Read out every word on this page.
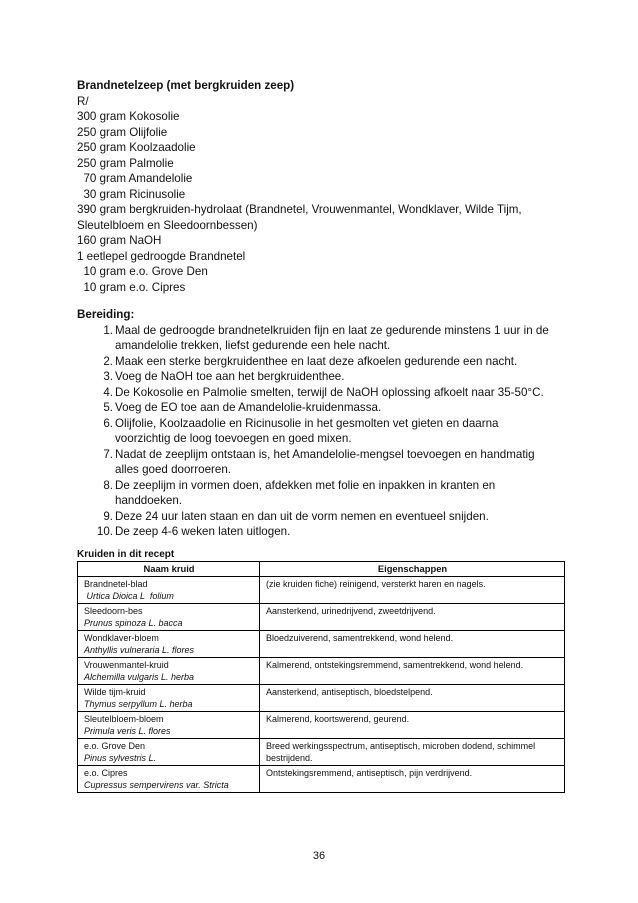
Brandnetelzeep (met bergkruiden zeep)
R/
300 gram Kokosolie
250 gram Olijfolie
250 gram Koolzaadolie
250 gram Palmolie
70 gram Amandelolie
30 gram Ricinusolie
390 gram bergkruiden-hydrolaat (Brandnetel, Vrouwenmantel, Wondklaver, Wilde Tijm,
Sleutelbloem en Sleedoornbessen)
160 gram NaOH
1 eetlepel gedroogde Brandnetel
10 gram e.o. Grove Den
10 gram e.o. Cipres
Bereiding:
1. Maal de gedroogde brandnetelkruiden fijn en laat ze gedurende minstens 1 uur in de
amandelolie trekken, liefst gedurende een hele nacht.
2. Maak een sterke bergkruidenthee en laat deze afkoelen gedurende een nacht.
3. Voeg de NaOH toe aan het bergkruidenthee.
4. De Kokosolie en Palmolie smelten, terwijl de NaOH oplossing afkoelt naar 35-50°C.
5. Voeg de EO toe aan de Amandelolie-kruidenmassa.
6. Olijfolie, Koolzaadolie en Ricinusolie in het gesmolten vet gieten en daarna
voorzichtig de loog toevoegen en goed mixen.
7. Nadat de zeeplijm ontstaan is, het Amandelolie-mengsel toevoegen en handmatig
alles goed doorroeren.
8. De zeeplijm in vormen doen, afdekken met folie en inpakken in kranten en
handdoeken.
9. Deze 24 uur laten staan en dan uit de vorm nemen en eventueel snijden.
10. De zeep 4-6 weken laten uitlogen.
Kruiden in dit recept
Naam kruid	Eigenschappen

Brandnetel-blad
Urtica Dioica L  folium	(zie kruiden fiche) reinigend, versterkt haren en nagels.

Sleedoorn-bes
Prunus spinoza L. bacca	Aansterkend, urinedrijvend, zweetdrijvend.

Wondklaver-bloem
Anthyllis vulneraria L. flores	Bloedzuiverend, samentrekkend, wond helend.

Vrouwenmantel-kruid
Alchemilla vulgaris L. herba	Kalmerend, ontstekingsremmend, samentrekkend, wond helend.

Wilde tijm-kruid
Thymus serpyllum L. herba	Aansterkend, antiseptisch, bloedstelpend.

Sleutelbloem-bloem
Primula veris L. flores	Kalmerend, koortswerend, geurend.

e.o. Grove Den
Pinus sylvestris L.	Breed werkingsspectrum, antiseptisch, microben dodend, schimmel bestrijdend.

e.o. Cipres
Cupressus sempervirens var. Stricta	Ontstekingsremmend, antiseptisch, pijn verdrijvend.
36
